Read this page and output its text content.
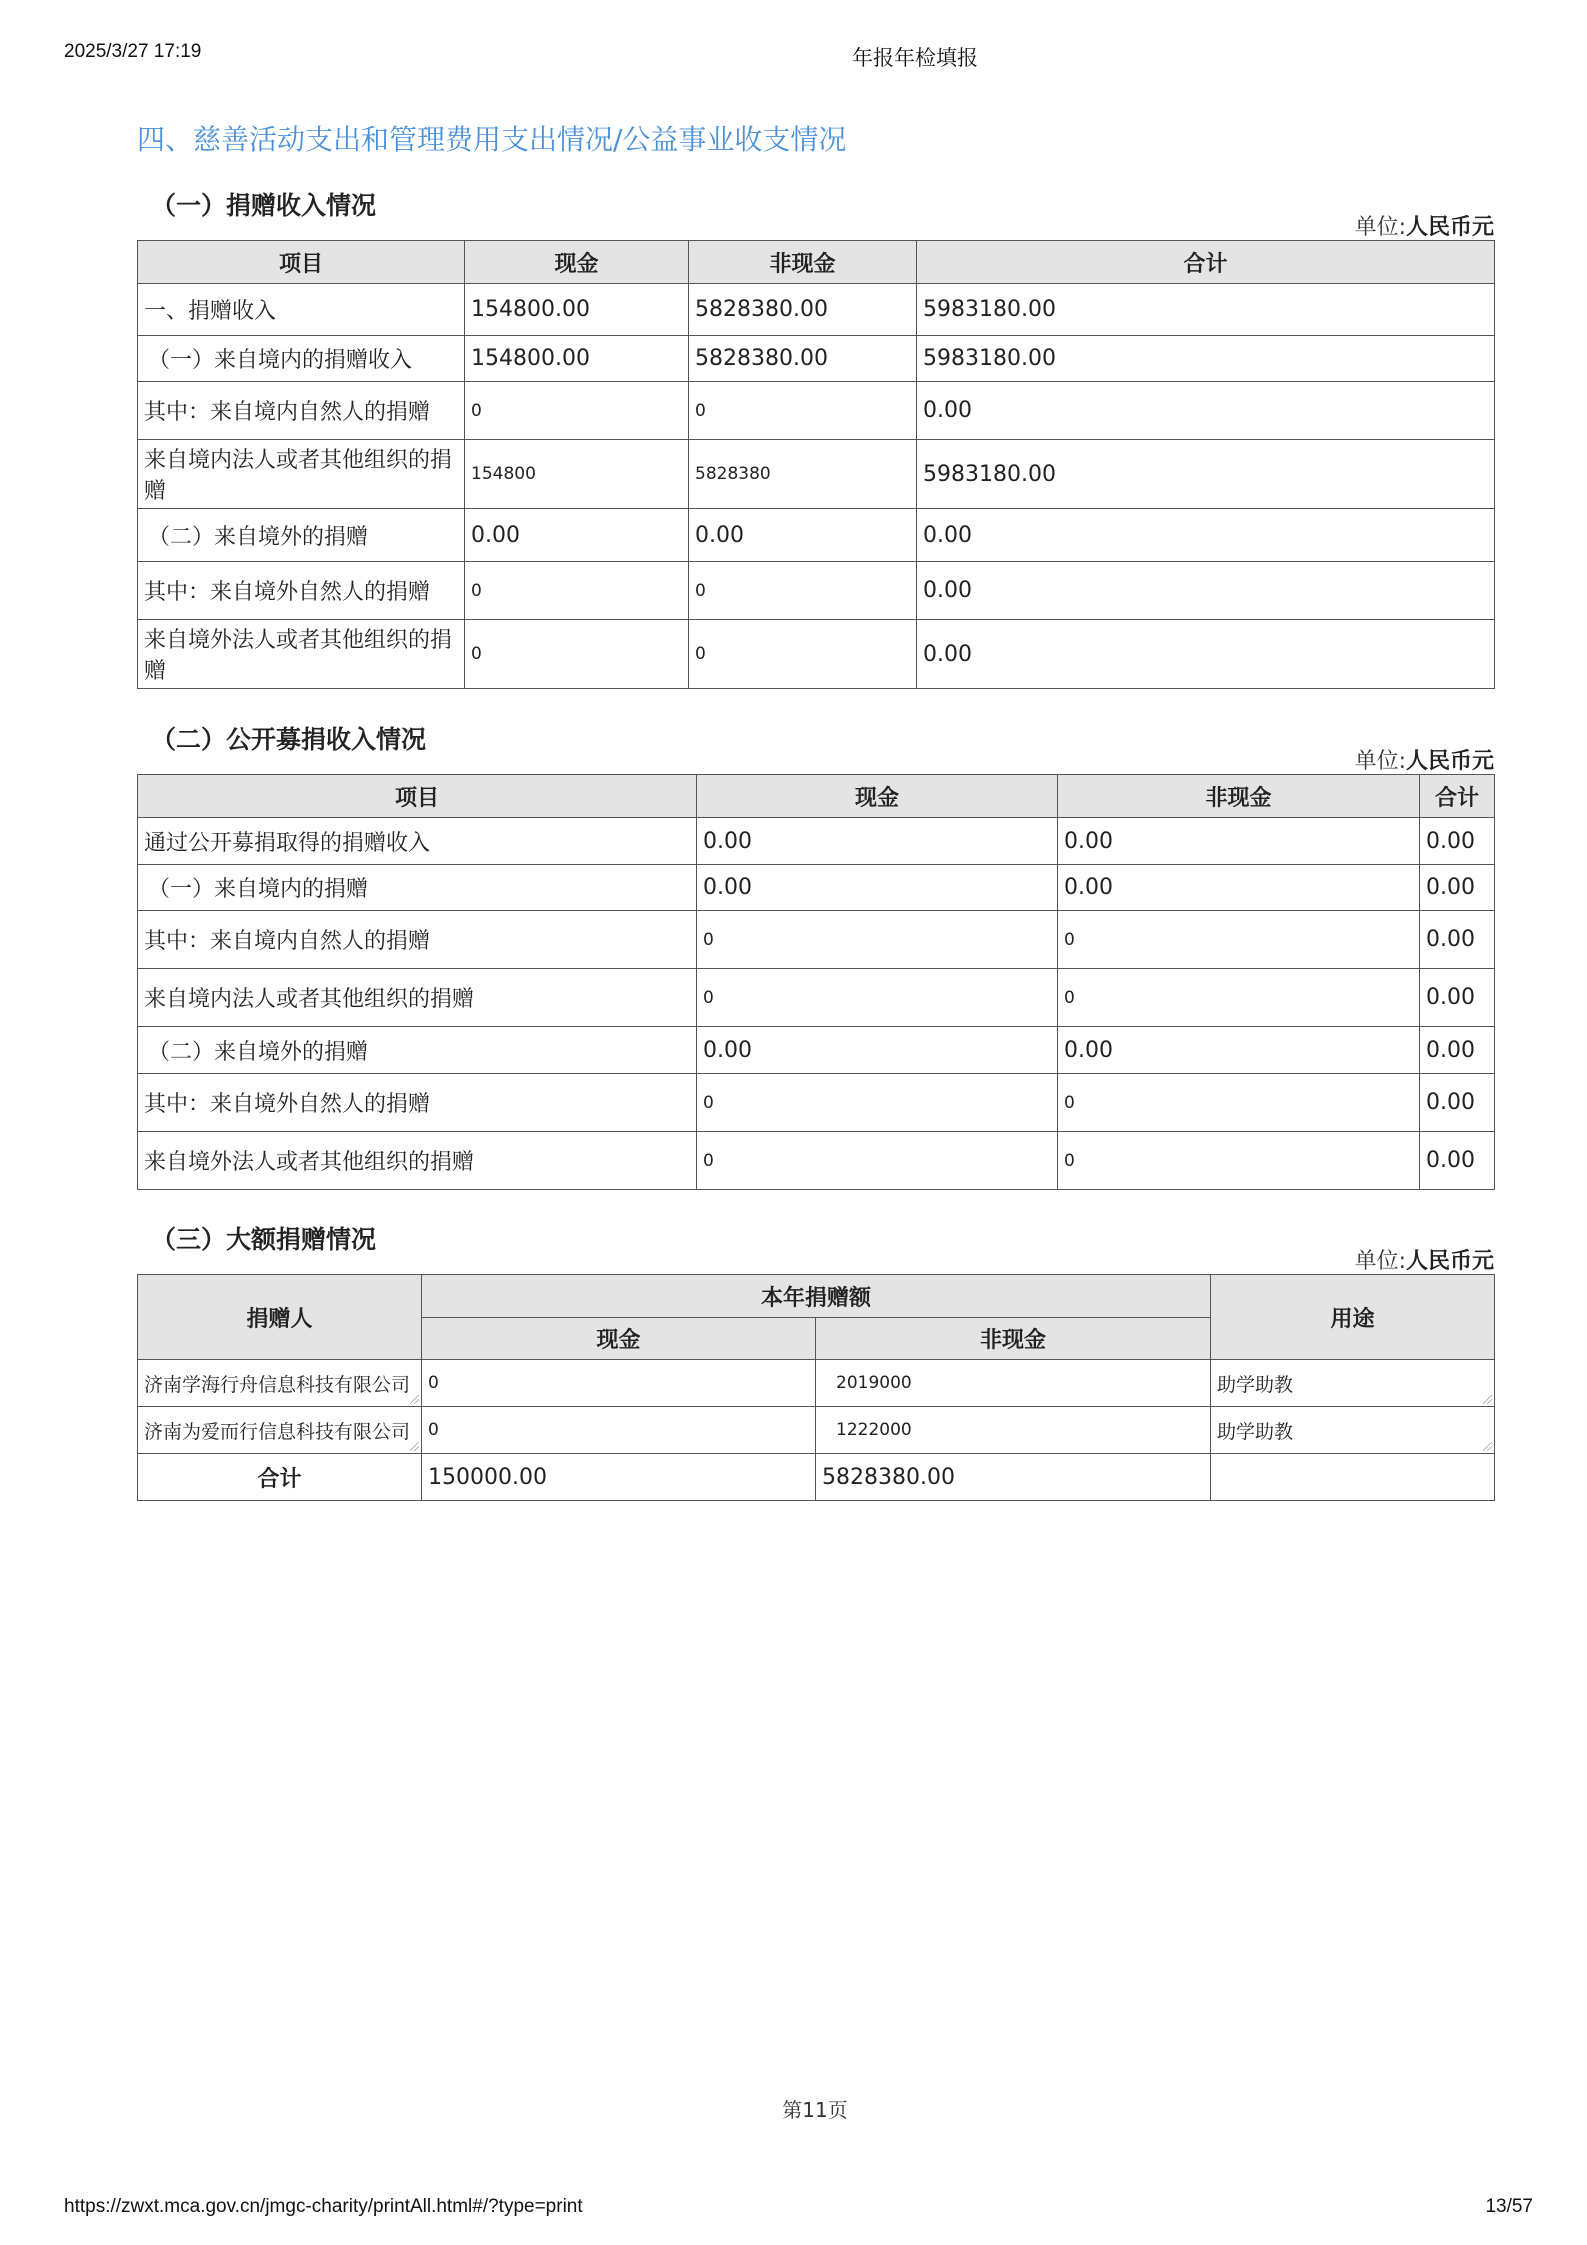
2025/3/27 17:19	年报年检填报
四、慈善活动支出和管理费用支出情况/公益事业收支情况
（一）捐赠收入情况
单位:人民币元
项目	现金	非现金	合计
一、捐赠收入	154800.00	5828380.00	5983180.00
（一）来自境内的捐赠收入	154800.00	5828380.00	5983180.00
其中：来自境内自然人的捐赠	0	0	0.00
来自境内法人或者其他组织的捐赠	154800	5828380	5983180.00
（二）来自境外的捐赠	0.00	0.00	0.00
其中：来自境外自然人的捐赠	0	0	0.00
来自境外法人或者其他组织的捐赠	0	0	0.00
（二）公开募捐收入情况
单位:人民币元
项目	现金	非现金	合计
通过公开募捐取得的捐赠收入	0.00	0.00	0.00
（一）来自境内的捐赠	0.00	0.00	0.00
其中：来自境内自然人的捐赠	0	0	0.00
来自境内法人或者其他组织的捐赠	0	0	0.00
（二）来自境外的捐赠	0.00	0.00	0.00
其中：来自境外自然人的捐赠	0	0	0.00
来自境外法人或者其他组织的捐赠	0	0	0.00
（三）大额捐赠情况
单位:人民币元
捐赠人	本年捐赠额		用途
	现金	非现金	
济南学海行舟信息科技有限公司	0	2019000	助学助教

济南为爱而行信息科技有限公司	0	1222000	助学助教

合计	150000.00	5828380.00	
第11页
https://zwxt.mca.gov.cn/jmgc-charity/printAll.html#/?type=print	13/57
